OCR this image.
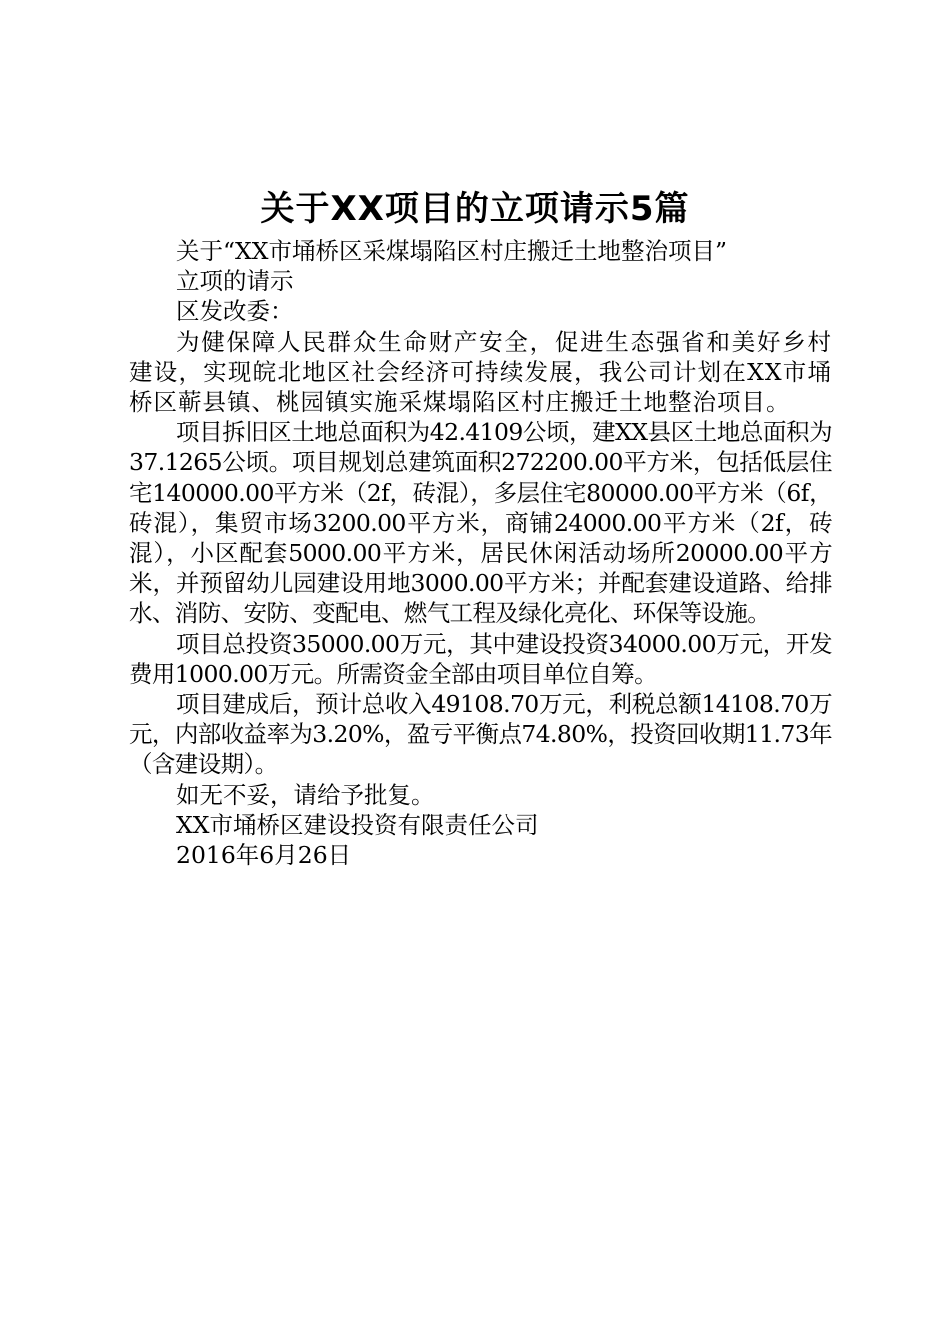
关于XX项目的立项请示5篇

关于“XX市埇桥区采煤塌陷区村庄搬迁土地整治项目”

立项的请示

区发改委：

为健保障人民群众生命财产安全，促进生态强省和美好乡村建设，实现皖北地区社会经济可持续发展，我公司计划在XX市埇桥区蕲县镇、桃园镇实施采煤塌陷区村庄搬迁土地整治项目。

项目拆旧区土地总面积为42.4109公顷，建XX县区土地总面积为37.1265公顷。项目规划总建筑面积272200.00平方米，包括低层住宅140000.00平方米（2f，砖混），多层住宅80000.00平方米（6f，砖混），集贸市场3200.00平方米，商铺24000.00平方米（2f，砖混），小区配套5000.00平方米，居民休闲活动场所20000.00平方米，并预留幼儿园建设用地3000.00平方米；并配套建设道路、给排水、消防、安防、变配电、燃气工程及绿化亮化、环保等设施。

项目总投资35000.00万元，其中建设投资34000.00万元，开发费用1000.00万元。所需资金全部由项目单位自筹。

项目建成后，预计总收入49108.70万元，利税总额14108.70万元，内部收益率为3.20%，盈亏平衡点74.80%，投资回收期11.73年（含建设期）。

如无不妥，请给予批复。

XX市埇桥区建设投资有限责任公司

2016年6月26日
